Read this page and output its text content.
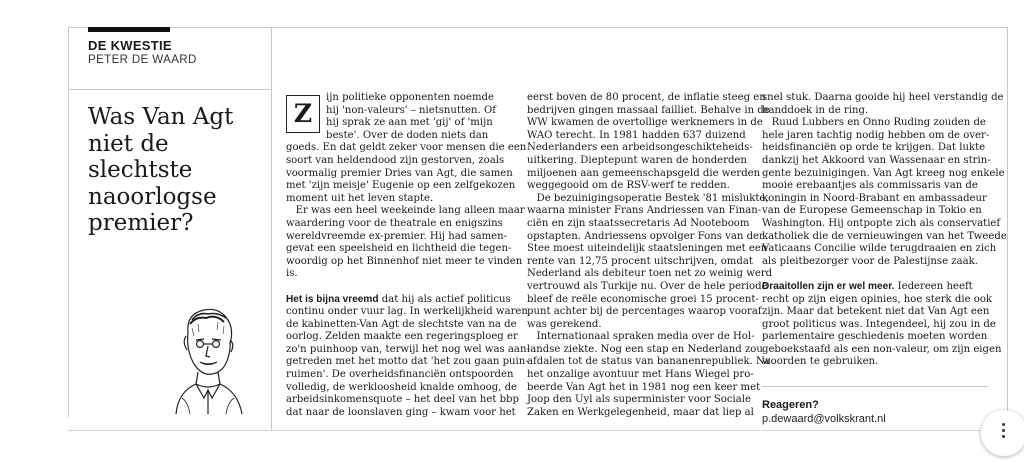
DE KWESTIE
PETER DE WAARD
Was Van Agt niet de slechtste naoorlogse premier?
Z

ijn politieke opponenten noemde

hij 'non-valeurs' – nietsnutten. Of

hij sprak ze aan met 'gij' of 'mijn

beste'. Over de doden niets dan

goeds. En dat geldt zeker voor mensen die een

soort van heldendood zijn gestorven, zoals

voormalig premier Dries van Agt, die samen

met 'zijn meisje' Eugenie op een zelfgekozen

moment uit het leven stapte.

Er was een heel weekeinde lang alleen maar

waardering voor de theatrale en enigszins

wereldvreemde ex-premier. Hij had samen-

gevat een speelsheid en lichtheid die tegen-

woordig op het Binnenhof niet meer te vinden

is.

Het is bijna vreemd dat hij als actief politicus

continu onder vuur lag. In werkelijkheid waren

de kabinetten-Van Agt de slechtste van na de

oorlog. Zelden maakte een regeringsploeg er

zo'n puinhoop van, terwijl het nog wel was aan-

getreden met het motto dat 'het zou gaan puin-

ruimen'. De overheidsfinanciën ontspoorden

volledig, de werkloosheid knalde omhoog, de

arbeidsinkomensquote – het deel van het bbp

dat naar de loonslaven ging – kwam voor het

eerst boven de 80 procent, de inflatie steeg en

bedrijven gingen massaal failliet. Behalve in de

WW kwamen de overtollige werknemers in de

WAO terecht. In 1981 hadden 637 duizend

Nederlanders een arbeidsongeschikteheids-

uitkering. Dieptepunt waren de honderden

miljoenen aan gemeenschapsgeld die werden

weggegooid om de RSV-werf te redden.

De bezuinigingsoperatie Bestek '81 mislukte,

waarna minister Frans Andriessen van Finan-

ciën en zijn staatssecretaris Ad Nooteboom

opstapten. Andriessens opvolger Fons van der

Stee moest uiteindelijk staatsleningen met een

rente van 12,75 procent uitschrijven, omdat

Nederland als debiteur toen net zo weinig werd

vertrouwd als Turkije nu. Over de hele periode

bleef de reële economische groei 15 procent-

punt achter bij de percentages waarop vooraf

was gerekend.

Internationaal spraken media over de Hol-

landse ziekte. Nog een stap en Nederland zou

afdalen tot de status van bananenrepubliek. Na

het onzalige avontuur met Hans Wiegel pro-

beerde Van Agt het in 1981 nog een keer met

Joop den Uyl als superminister voor Sociale

Zaken en Werkgelegenheid, maar dat liep al

snel stuk. Daarna gooide hij heel verstandig de

handdoek in de ring.

Ruud Lubbers en Onno Ruding zouden de

hele jaren tachtig nodig hebben om de over-

heidsfinanciën op orde te krijgen. Dat lukte

dankzij het Akkoord van Wassenaar en strin-

gente bezuinigingen. Van Agt kreeg nog enkele

mooie erebaantjes als commissaris van de

koningin in Noord-Brabant en ambassadeur

van de Europese Gemeenschap in Tokio en

Washington. Hij ontpopte zich als conservatief

katholiek die de vernieuwingen van het Tweede

Vaticaans Concilie wilde terugdraaien en zich

als pleitbezorger voor de Palestijnse zaak.

Draaitollen zijn er wel meer. Iedereen heeft

recht op zijn eigen opinies, hoe sterk die ook

zijn. Maar dat betekent niet dat Van Agt een

groot politicus was. Integendeel, hij zou in de

parlementaire geschiedenis moeten worden

geboekstaafd als een non-valeur, om zijn eigen

woorden te gebruiken.

Reageren?
p.dewaard@volkskrant.nl
